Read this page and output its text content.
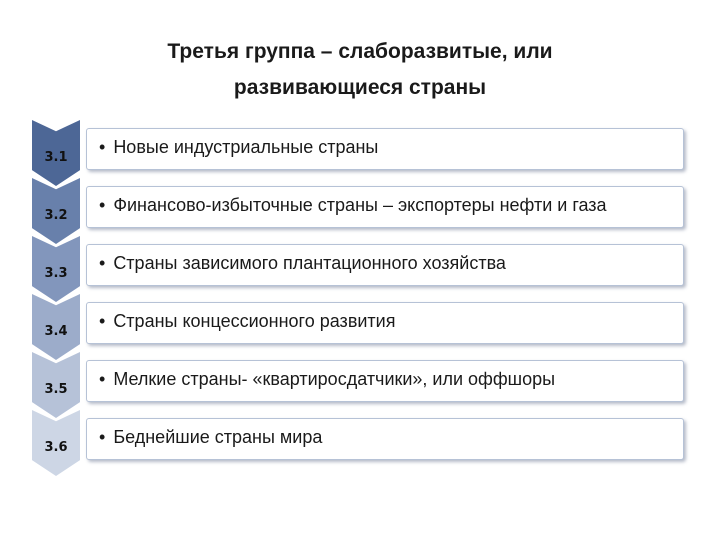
Третья группа – слаборазвитые, или
развивающиеся страны
3.1
• Новые индустриальные страны
3.2
• Финансово-избыточные страны – экспортеры нефти и газа
3.3
• Страны зависимого плантационного хозяйства
3.4
• Страны концессионного развития
3.5
• Мелкие страны- «квартиросдатчики», или оффшоры
3.6
• Беднейшие страны мира
